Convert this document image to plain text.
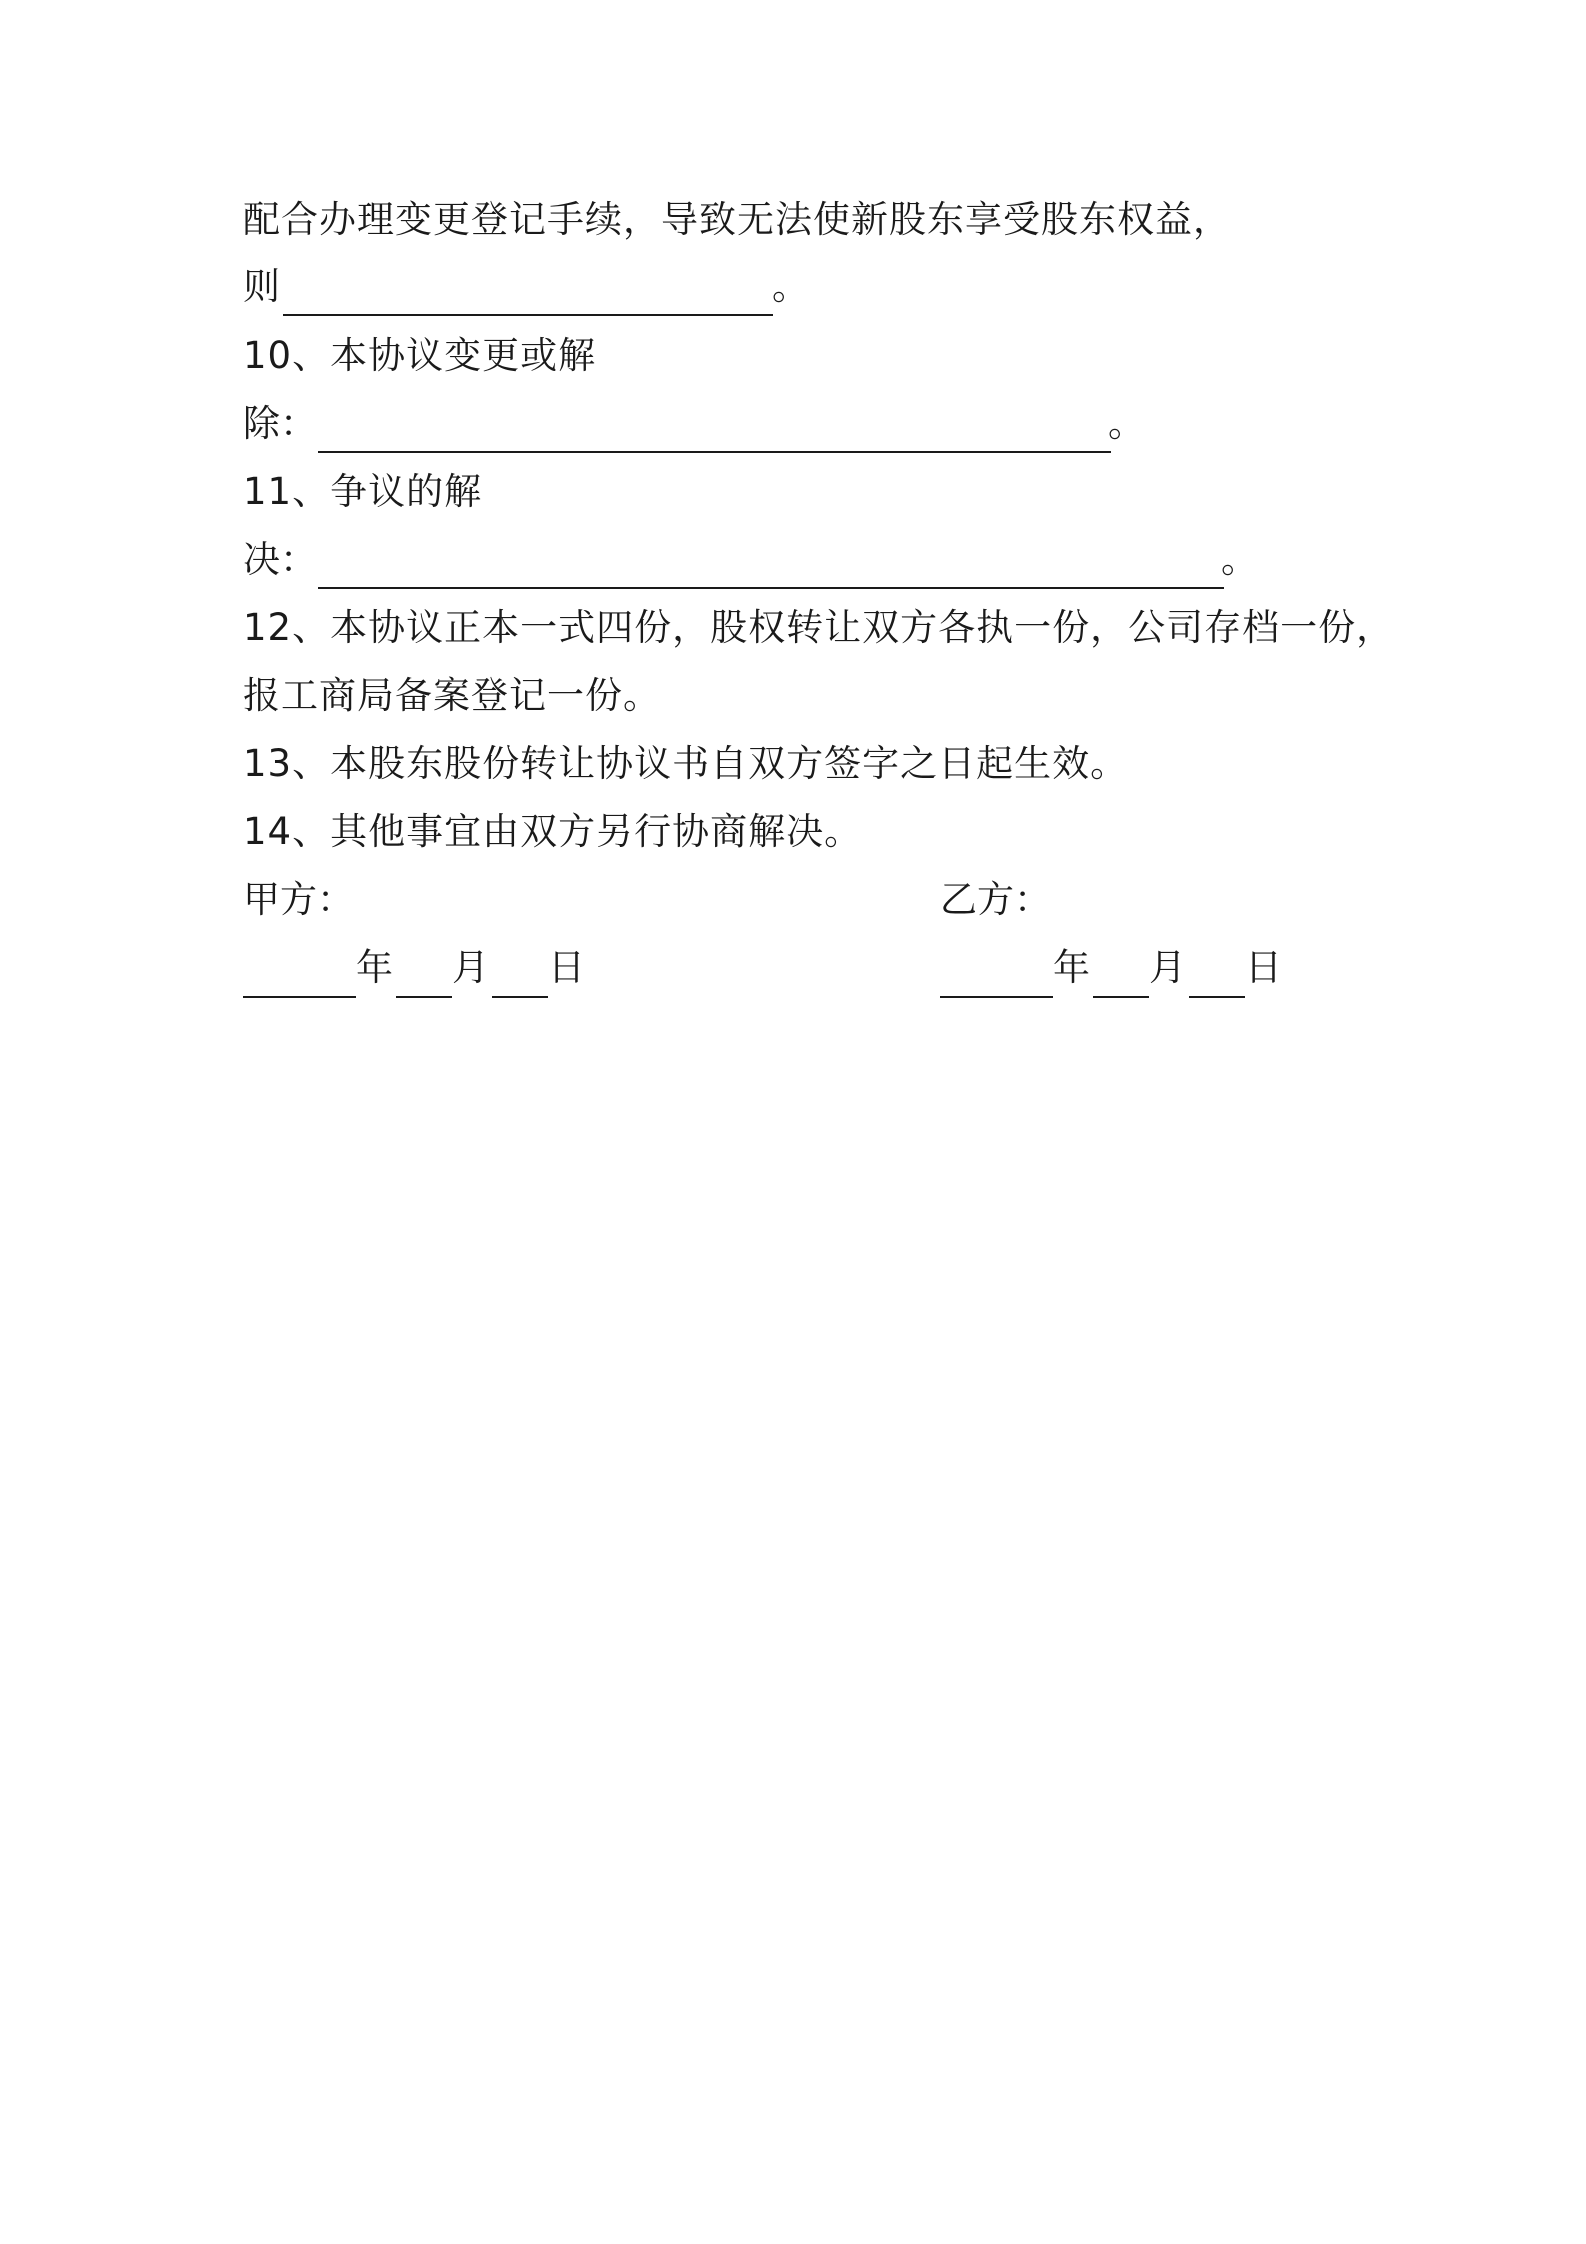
配合办理变更登记手续，导致无法使新股东享受股东权益，
则	。
10、本协议变更或解
除：	。
11、争议的解
决：	。
12、本协议正本一式四份，股权转让双方各执一份，公司存档一份，
报工商局备案登记一份。
13、本股东股份转让协议书自双方签字之日起生效。
14、其他事宜由双方另行协商解决。
甲方：
年 月 日
乙方：
年 月 日
